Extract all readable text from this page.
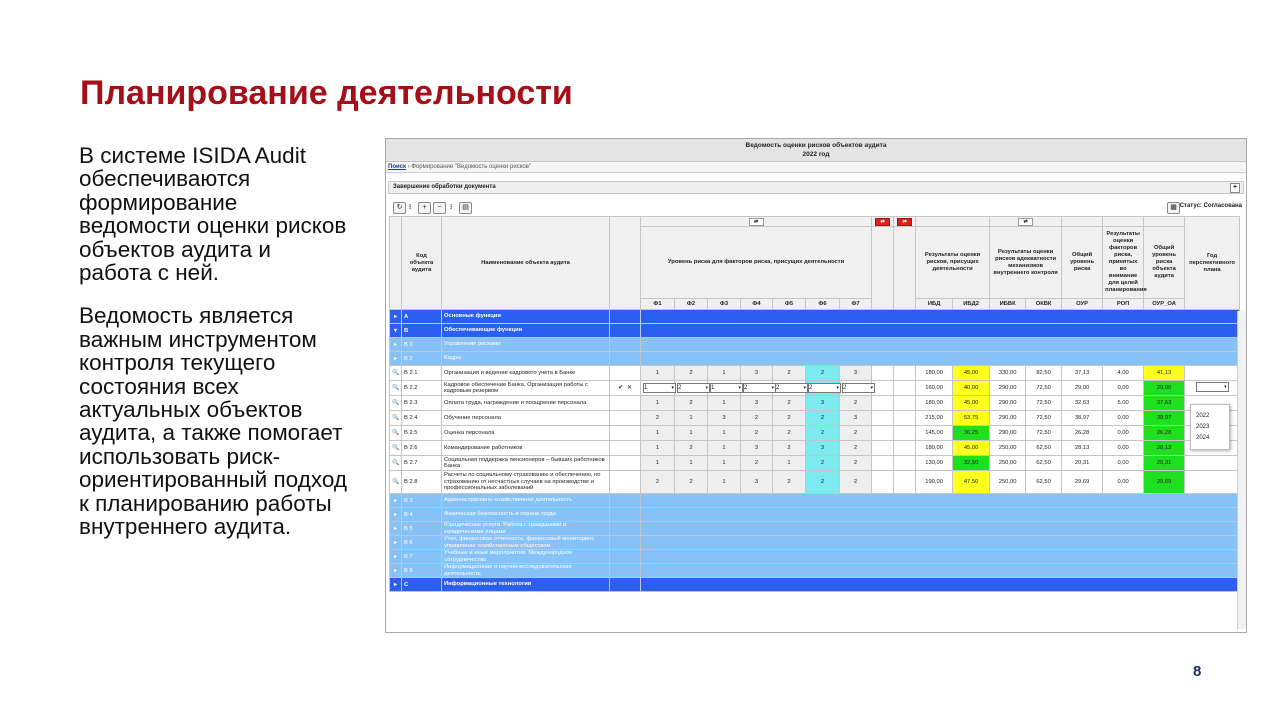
Планирование деятельности

В системе ISIDA Audit
обеспечиваются
формирование
ведомости оценки рисков
объектов аудита и
работа с ней.

Ведомость является
важным инструментом
контроля текущего
состояния всех
актуальных объектов
аудита, а также помогает
использовать риск-
ориентированный подход
к планированию работы
внутреннего аудита.

Ведомость оценки рисков объектов аудита
2022 год
Поиск › Формирование "Ведомость оценки рисков"
Завершение обработки документа	+
↻ ⁝	+	−	⁝	▤	▦ Статус: Согласована
	Код объекта аудита	Наименование объекта аудита		⇄							⇄	⇄			⇄					Год перспективного плана
				Уровень риска для факторов риска, присущих деятельности									Результаты оценки рисков, присущих деятельности		Результаты оценки рисков адекватности механизмов внутреннего контроля		Общий уровень риска	Результаты оценки факторов риска, принятых во внимание для целей планирования	Общий уровень риска объекта аудита	
				Ф1	Ф2	Ф3	Ф4	Ф5	Ф6	Ф7			ИБД	ИБД2	ИБВК	ОКВК	ОУР	РОП	ОУР_ОА	
▸	A	Основные функции																		
▾	B	Обеспечивающие функции																		
▸	B 1	Управление рисками																		
▸	B 2	Кадры																		
🔍	B 2.1	Организация и ведение кадрового учета в Банке		1	2	1	3	2	2	3			180,00	45,00	330,00	82,50	37,13	4,00	41,13	
🔍	B 2.2	Кадровое обеспечение Банка. Организация работы с кадровым резервом	✔ ✕	1 ▾	2 ▾	1 ▾	2 ▾	2 ▾	2 ▾	2 ▾			160,00	40,00	290,00	72,50	29,00	0,00	29,00	▾

🔍	B 2.3	Оплата труда, награждение и поощрение персонала		1	2	1	3	2	3	2			180,00	45,00	290,00	72,50	32,63	5,00	37,63	
🔍	B 2.4	Обучение персонала		2	1	3	2	2	2	3			215,00	53,75	290,00	72,50	38,97	0,00	38,97	
🔍	B 2.5	Оценка персонала		1	1	1	2	2	2	2			145,00	36,25	290,00	72,50	26,28	0,00	26,28	
🔍	B 2.6	Командирование работников		1	2	1	3	2	3	2			180,00	45,00	250,00	62,50	28,13	0,00	28,13	
🔍	B 2.7	Социальная поддержка пенсионеров – бывших работников Банка		1	1	1	2	1	2	2			130,00	32,50	250,00	62,50	20,31	0,00	20,31	
🔍	B 2.8	Расчеты по социальному страхованию и обеспечению, по страхованию от несчастных случаев на производстве и профессиональных заболеваний		2	2	1	3	2	2	2			190,00	47,50	250,00	62,50	29,69	0,00	29,69	
▸	B 3	Административно-хозяйственная деятельность																		
▸	B 4	Физическая безопасность и охрана труда																		
▸	B 5	Юридические услуги. Работа с гражданами и юридическими лицами																		
▸	B 6	Учет, финансовая отчетность, финансовый мониторинг, управление хозяйственным обществом																		
▸	B 7	Учебные и иные мероприятия. Международное сотрудничество																		
▸	B 8	Информационная и научно-исследовательская деятельность																		
▸	C	Информационные технологии																		
2022
2023
2024
8
